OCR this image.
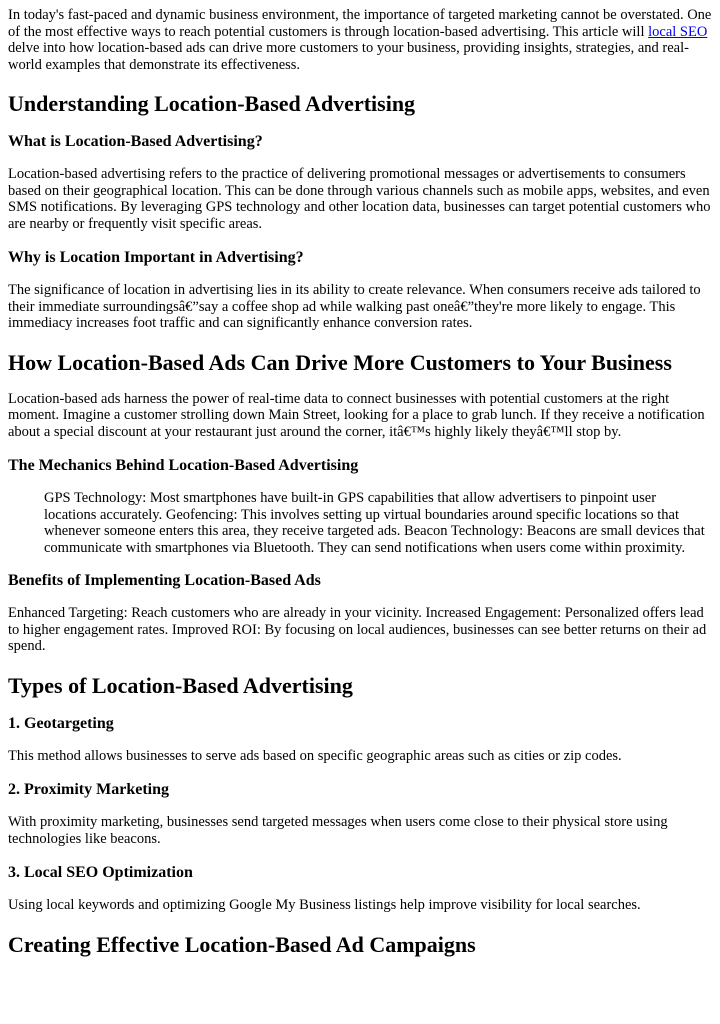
In today's fast-paced and dynamic business environment, the importance of targeted marketing cannot be overstated. One of the most effective ways to reach potential customers is through location-based advertising. This article will local SEO delve into how location-based ads can drive more customers to your business, providing insights, strategies, and real-world examples that demonstrate its effectiveness.

Understanding Location-Based Advertising
What is Location-Based Advertising?

Location-based advertising refers to the practice of delivering promotional messages or advertisements to consumers based on their geographical location. This can be done through various channels such as mobile apps, websites, and even SMS notifications. By leveraging GPS technology and other location data, businesses can target potential customers who are nearby or frequently visit specific areas.

Why is Location Important in Advertising?

The significance of location in advertising lies in its ability to create relevance. When consumers receive ads tailored to their immediate surroundingsâ€”say a coffee shop ad while walking past oneâ€”they're more likely to engage. This immediacy increases foot traffic and can significantly enhance conversion rates.

How Location-Based Ads Can Drive More Customers to Your Business

Location-based ads harness the power of real-time data to connect businesses with potential customers at the right moment. Imagine a customer strolling down Main Street, looking for a place to grab lunch. If they receive a notification about a special discount at your restaurant just around the corner, itâ€™s highly likely theyâ€™ll stop by.

The Mechanics Behind Location-Based Advertising
GPS Technology: Most smartphones have built-in GPS capabilities that allow advertisers to pinpoint user locations accurately. Geofencing: This involves setting up virtual boundaries around specific locations so that whenever someone enters this area, they receive targeted ads. Beacon Technology: Beacons are small devices that communicate with smartphones via Bluetooth. They can send notifications when users come within proximity.
Benefits of Implementing Location-Based Ads

Enhanced Targeting: Reach customers who are already in your vicinity. Increased Engagement: Personalized offers lead to higher engagement rates. Improved ROI: By focusing on local audiences, businesses can see better returns on their ad spend.

Types of Location-Based Advertising
1. Geotargeting

This method allows businesses to serve ads based on specific geographic areas such as cities or zip codes.

2. Proximity Marketing

With proximity marketing, businesses send targeted messages when users come close to their physical store using technologies like beacons.

3. Local SEO Optimization

Using local keywords and optimizing Google My Business listings help improve visibility for local searches.

Creating Effective Location-Based Ad Campaigns
